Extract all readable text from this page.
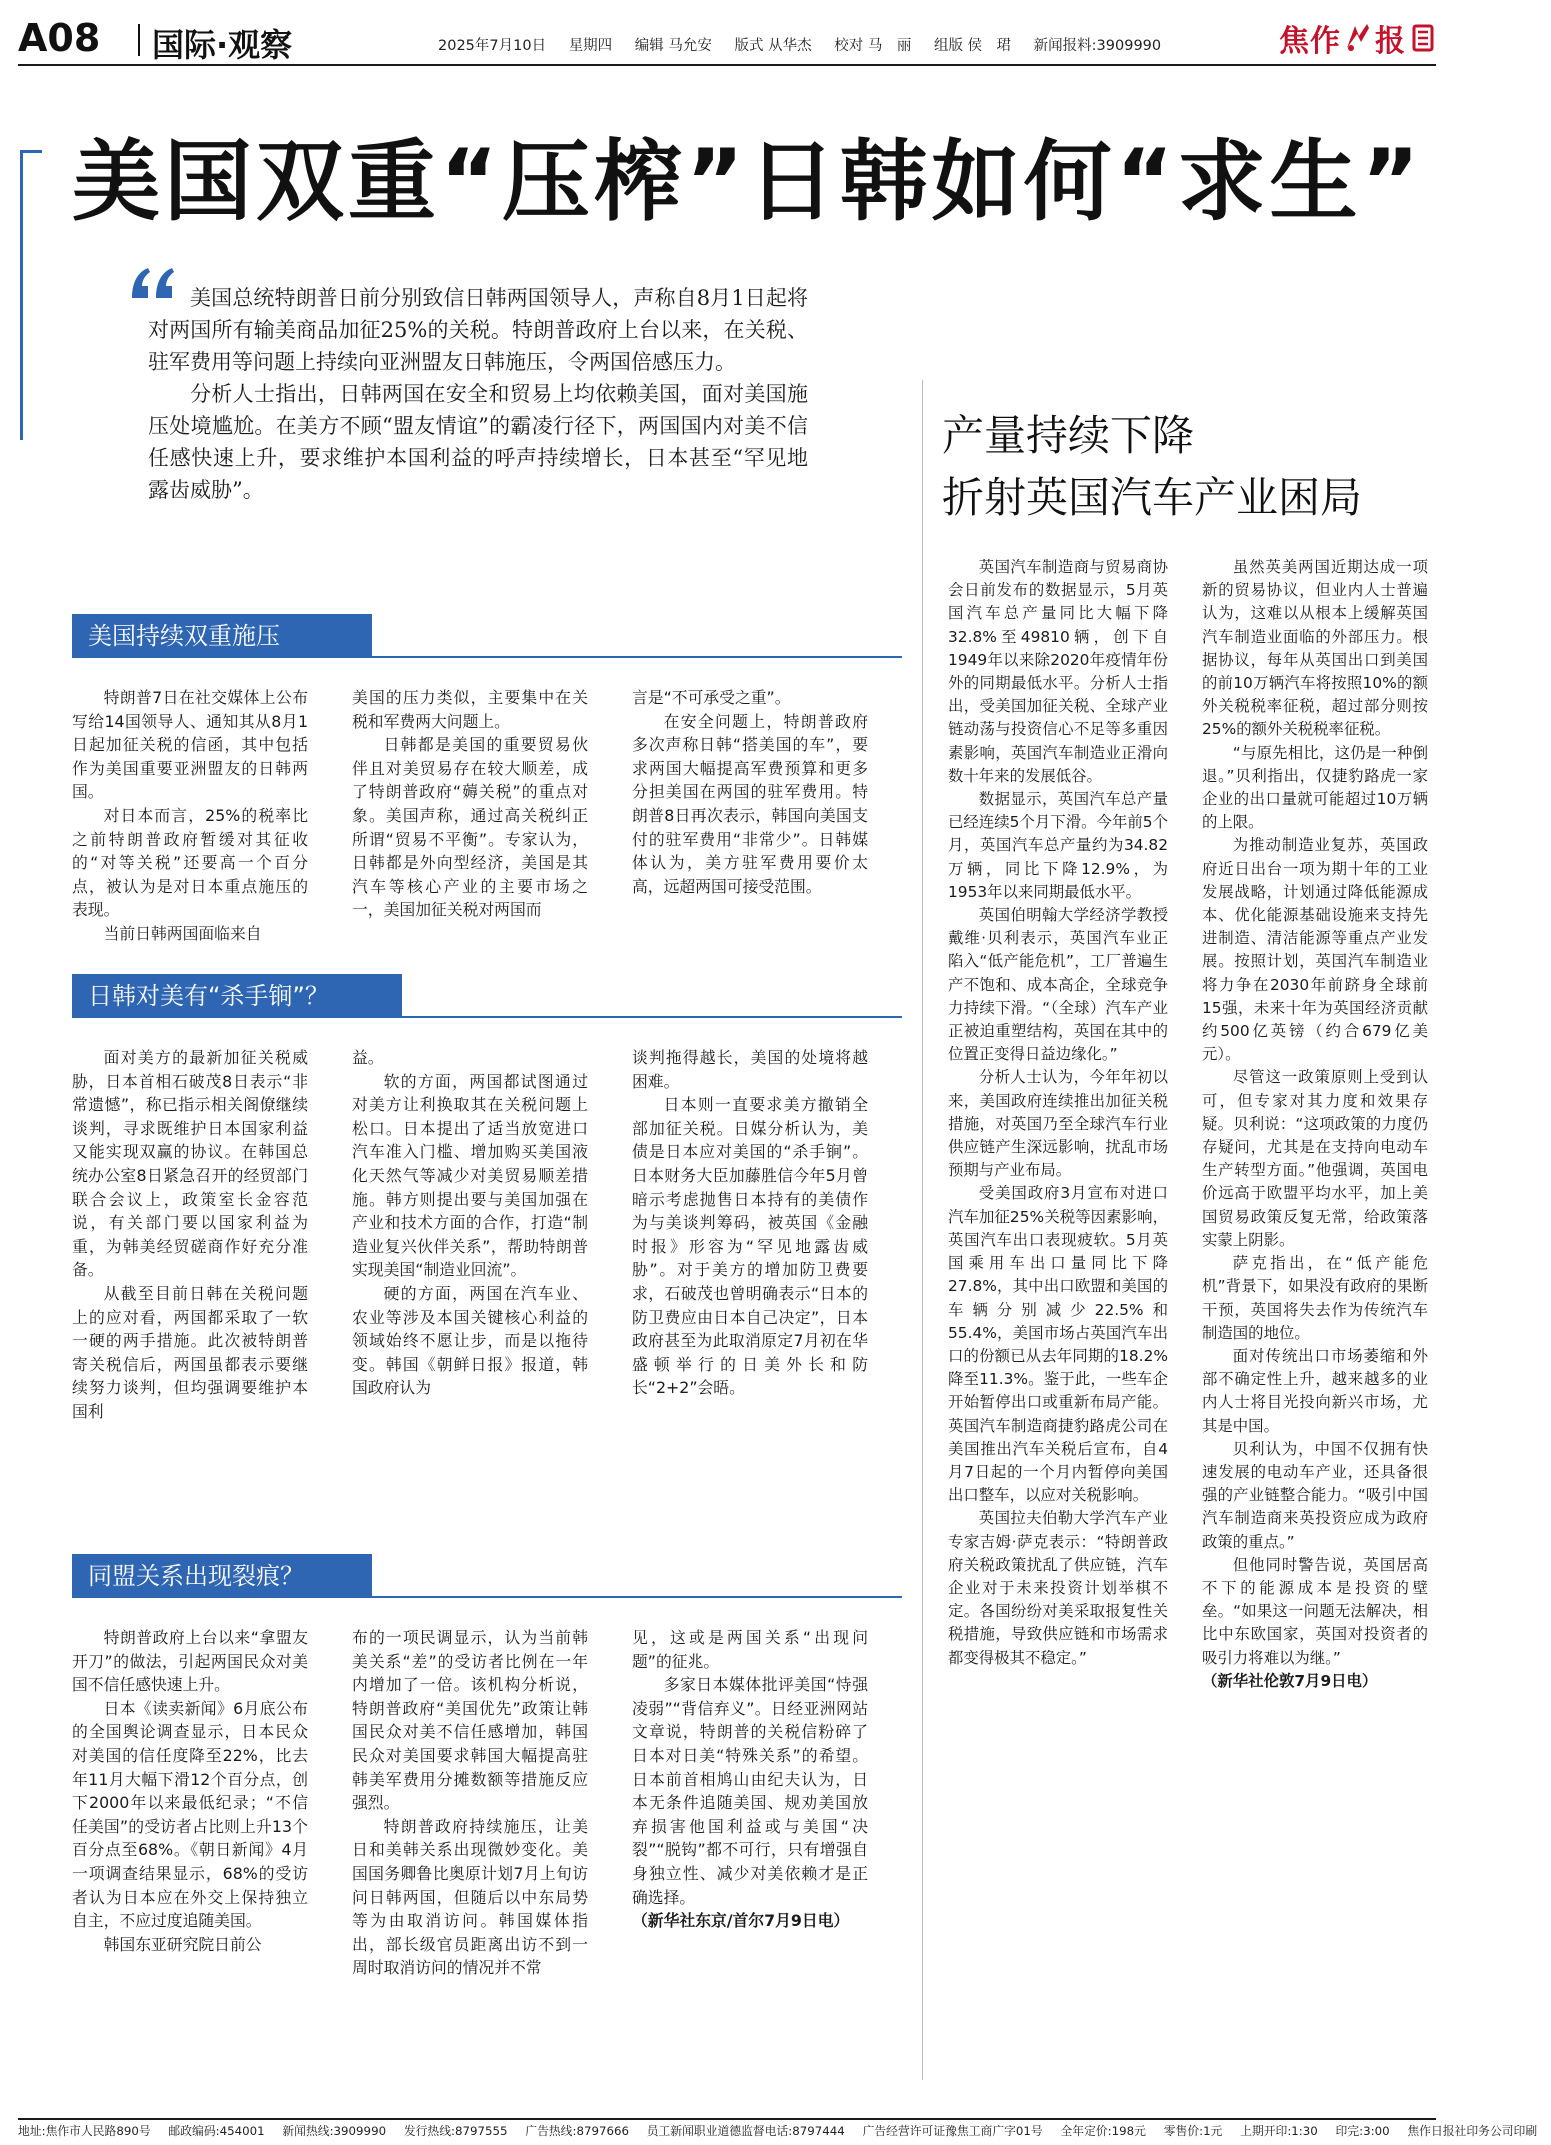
A08 国际·观察	2025年7月10日 星期四 编辑 马允安 版式 从华杰 校对 马　丽 组版 侯　珺 新闻报料:3909990	焦作 报
美国双重“压榨”日韩如何“求生”

美国总统特朗普日前分别致信日韩两国领导人，声称自8月1日起将对两国所有输美商品加征25%的关税。特朗普政府上台以来，在关税、驻军费用等问题上持续向亚洲盟友日韩施压，令两国倍感压力。

分析人士指出，日韩两国在安全和贸易上均依赖美国，面对美国施压处境尴尬。在美方不顾“盟友情谊”的霸凌行径下，两国国内对美不信任感快速上升，要求维护本国利益的呼声持续增长，日本甚至“罕见地露齿威胁”。

美国持续双重施压

特朗普7日在社交媒体上公布写给14国领导人、通知其从8月1日起加征关税的信函，其中包括作为美国重要亚洲盟友的日韩两国。

对日本而言，25%的税率比之前特朗普政府暂缓对其征收的“对等关税”还要高一个百分点，被认为是对日本重点施压的表现。

当前日韩两国面临来自

美国的压力类似，主要集中在关税和军费两大问题上。

日韩都是美国的重要贸易伙伴且对美贸易存在较大顺差，成了特朗普政府“薅关税”的重点对象。美国声称，通过高关税纠正所谓“贸易不平衡”。专家认为，日韩都是外向型经济，美国是其汽车等核心产业的主要市场之一，美国加征关税对两国而

言是“不可承受之重”。

在安全问题上，特朗普政府多次声称日韩“搭美国的车”，要求两国大幅提高军费预算和更多分担美国在两国的驻军费用。特朗普8日再次表示，韩国向美国支付的驻军费用“非常少”。日韩媒体认为，美方驻军费用要价太高，远超两国可接受范围。

日韩对美有“杀手锏”？

面对美方的最新加征关税威胁，日本首相石破茂8日表示“非常遗憾”，称已指示相关阁僚继续谈判，寻求既维护日本国家利益又能实现双赢的协议。在韩国总统办公室8日紧急召开的经贸部门联合会议上，政策室长金容范说，有关部门要以国家利益为重，为韩美经贸磋商作好充分准备。

从截至目前日韩在关税问题上的应对看，两国都采取了一软一硬的两手措施。此次被特朗普寄关税信后，两国虽都表示要继续努力谈判，但均强调要维护本国利

益。

软的方面，两国都试图通过对美方让利换取其在关税问题上松口。日本提出了适当放宽进口汽车准入门槛、增加购买美国液化天然气等减少对美贸易顺差措施。韩方则提出要与美国加强在产业和技术方面的合作，打造“制造业复兴伙伴关系”，帮助特朗普实现美国“制造业回流”。

硬的方面，两国在汽车业、农业等涉及本国关键核心利益的领域始终不愿让步，而是以拖待变。韩国《朝鲜日报》报道，韩国政府认为

谈判拖得越长，美国的处境将越困难。

日本则一直要求美方撤销全部加征关税。日媒分析认为，美债是日本应对美国的“杀手锏”。日本财务大臣加藤胜信今年5月曾暗示考虑抛售日本持有的美债作为与美谈判筹码，被英国《金融时报》形容为“罕见地露齿威胁”。对于美方的增加防卫费要求，石破茂也曾明确表示“日本的防卫费应由日本自己决定”，日本政府甚至为此取消原定7月初在华盛顿举行的日美外长和防长“2+2”会晤。

同盟关系出现裂痕？

特朗普政府上台以来“拿盟友开刀”的做法，引起两国民众对美国不信任感快速上升。

日本《读卖新闻》6月底公布的全国舆论调查显示，日本民众对美国的信任度降至22%，比去年11月大幅下滑12个百分点，创下2000年以来最低纪录；“不信任美国”的受访者占比则上升13个百分点至68%。《朝日新闻》4月一项调查结果显示，68%的受访者认为日本应在外交上保持独立自主，不应过度追随美国。

韩国东亚研究院日前公

布的一项民调显示，认为当前韩美关系“差”的受访者比例在一年内增加了一倍。该机构分析说，特朗普政府“美国优先”政策让韩国民众对美不信任感增加，韩国民众对美国要求韩国大幅提高驻韩美军费用分摊数额等措施反应强烈。

特朗普政府持续施压，让美日和美韩关系出现微妙变化。美国国务卿鲁比奥原计划7月上旬访问日韩两国，但随后以中东局势等为由取消访问。韩国媒体指出，部长级官员距离出访不到一周时取消访问的情况并不常

见，这或是两国关系“出现问题”的征兆。

多家日本媒体批评美国“恃强凌弱”“背信弃义”。日经亚洲网站文章说，特朗普的关税信粉碎了日本对日美“特殊关系”的希望。日本前首相鸠山由纪夫认为，日本无条件追随美国、规劝美国放弃损害他国利益或与美国“决裂”“脱钩”都不可行，只有增强自身独立性、减少对美依赖才是正确选择。

（新华社东京/首尔7月9日电）

产量持续下降
折射英国汽车产业困局

英国汽车制造商与贸易商协会日前发布的数据显示，5月英国汽车总产量同比大幅下降32.8%至49810辆，创下自1949年以来除2020年疫情年份外的同期最低水平。分析人士指出，受美国加征关税、全球产业链动荡与投资信心不足等多重因素影响，英国汽车制造业正滑向数十年来的发展低谷。

数据显示，英国汽车总产量已经连续5个月下滑。今年前5个月，英国汽车总产量约为34.82万辆，同比下降12.9%，为1953年以来同期最低水平。

英国伯明翰大学经济学教授戴维·贝利表示，英国汽车业正陷入“低产能危机”，工厂普遍生产不饱和、成本高企，全球竞争力持续下滑。“（全球）汽车产业正被迫重塑结构，英国在其中的位置正变得日益边缘化。”

分析人士认为，今年年初以来，美国政府连续推出加征关税措施，对英国乃至全球汽车行业供应链产生深远影响，扰乱市场预期与产业布局。

受美国政府3月宣布对进口汽车加征25%关税等因素影响，英国汽车出口表现疲软。5月英国乘用车出口量同比下降27.8%，其中出口欧盟和美国的车辆分别减少22.5%和55.4%，美国市场占英国汽车出口的份额已从去年同期的18.2%降至11.3%。鉴于此，一些车企开始暂停出口或重新布局产能。英国汽车制造商捷豹路虎公司在美国推出汽车关税后宣布，自4月7日起的一个月内暂停向美国出口整车，以应对关税影响。

英国拉夫伯勒大学汽车产业专家吉姆·萨克表示：“特朗普政府关税政策扰乱了供应链，汽车企业对于未来投资计划举棋不定。各国纷纷对美采取报复性关税措施，导致供应链和市场需求都变得极其不稳定。”

虽然英美两国近期达成一项新的贸易协议，但业内人士普遍认为，这难以从根本上缓解英国汽车制造业面临的外部压力。根据协议，每年从英国出口到美国的前10万辆汽车将按照10%的额外关税税率征税，超过部分则按25%的额外关税税率征税。

“与原先相比，这仍是一种倒退。”贝利指出，仅捷豹路虎一家企业的出口量就可能超过10万辆的上限。

为推动制造业复苏，英国政府近日出台一项为期十年的工业发展战略，计划通过降低能源成本、优化能源基础设施来支持先进制造、清洁能源等重点产业发展。按照计划，英国汽车制造业将力争在2030年前跻身全球前15强，未来十年为英国经济贡献约500亿英镑（约合679亿美元）。

尽管这一政策原则上受到认可，但专家对其力度和效果存疑。贝利说：“这项政策的力度仍存疑问，尤其是在支持向电动车生产转型方面。”他强调，英国电价远高于欧盟平均水平，加上美国贸易政策反复无常，给政策落实蒙上阴影。

萨克指出，在“低产能危机”背景下，如果没有政府的果断干预，英国将失去作为传统汽车制造国的地位。

面对传统出口市场萎缩和外部不确定性上升，越来越多的业内人士将目光投向新兴市场，尤其是中国。

贝利认为，中国不仅拥有快速发展的电动车产业，还具备很强的产业链整合能力。“吸引中国汽车制造商来英投资应成为政府政策的重点。”

但他同时警告说，英国居高不下的能源成本是投资的壁垒。“如果这一问题无法解决，相比中东欧国家，英国对投资者的吸引力将难以为继。”

（新华社伦敦7月9日电）

地址:焦作市人民路890号 邮政编码:454001 新闻热线:3909990 发行热线:8797555 广告热线:8797666 员工新闻职业道德监督电话:8797444 广告经营许可证豫焦工商广字01号 全年定价:198元 零售价:1元 上期开印:1:30 印完:3:00 焦作日报社印务公司印刷
